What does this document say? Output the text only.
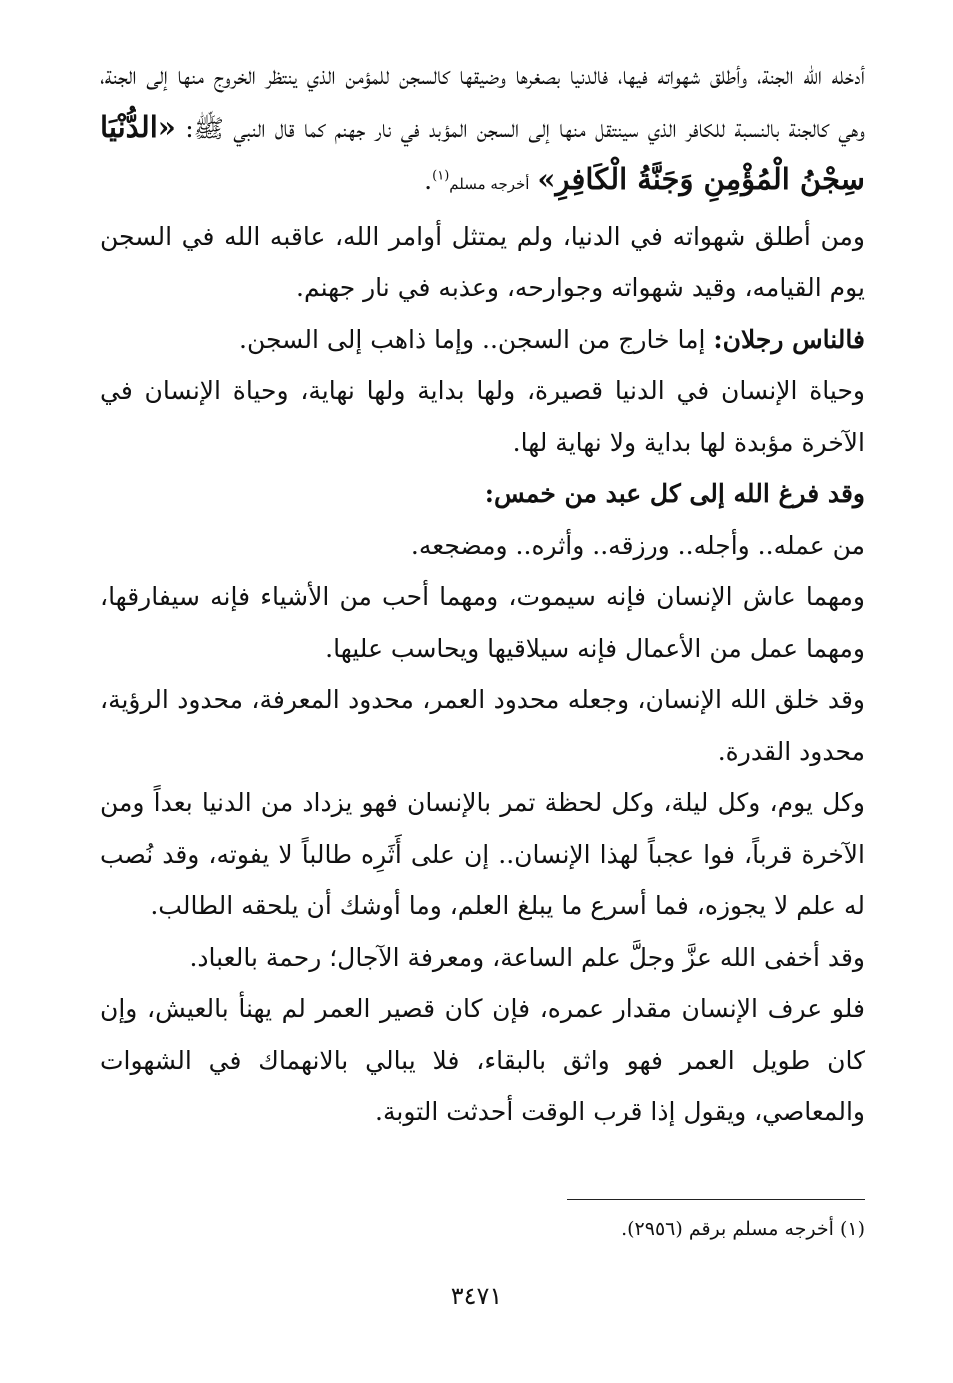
أدخله الله الجنة، وأطلق شهواته فيها، فالدنيا بصغرها وضيقها كالسجن للمؤمن الذي ينتظر الخروج منها إلى الجنة، وهي كالجنة بالنسبة للكافر الذي سينتقل منها إلى السجن المؤبد في نار جهنم كما قال النبي ﷺ: «الدُّنْيَا سِجْنُ الْمُؤْمِنِ وَجَنَّةُ الْكَافِرِ» أخرجه مسلم$^{(١)}$.

ومن أطلق شهواته في الدنيا، ولم يمتثل أوامر الله، عاقبه الله في السجن يوم القيامه، وقيد شهواته وجوارحه، وعذبه في نار جهنم.

فالناس رجلان: إما خارج من السجن.. وإما ذاهب إلى السجن.

وحياة الإنسان في الدنيا قصيرة، ولها بداية ولها نهاية، وحياة الإنسان في الآخرة مؤبدة لها بداية ولا نهاية لها.

وقد فرغ الله إلى كل عبد من خمس:

من عمله.. وأجله.. ورزقه.. وأثره.. ومضجعه.

ومهما عاش الإنسان فإنه سيموت، ومهما أحب من الأشياء فإنه سيفارقها، ومهما عمل من الأعمال فإنه سيلاقيها ويحاسب عليها.

وقد خلق الله الإنسان، وجعله محدود العمر، محدود المعرفة، محدود الرؤية، محدود القدرة.

وكل يوم، وكل ليلة، وكل لحظة تمر بالإنسان فهو يزداد من الدنيا بعداً ومن الآخرة قرباً، فوا عجباً لهذا الإنسان.. إن على أَثَرِه طالباً لا يفوته، وقد نُصب له علم لا يجوزه، فما أسرع ما يبلغ العلم، وما أوشك أن يلحقه الطالب.

وقد أخفى الله عزَّ وجلَّ علم الساعة، ومعرفة الآجال؛ رحمة بالعباد.

فلو عرف الإنسان مقدار عمره، فإن كان قصير العمر لم يهنأ بالعيش، وإن كان طويل العمر فهو واثق بالبقاء، فلا يبالي بالانهماك في الشهوات والمعاصي، ويقول إذا قرب الوقت أحدثت التوبة.

(١) أخرجه مسلم برقم (٢٩٥٦).

٣٤٧١
